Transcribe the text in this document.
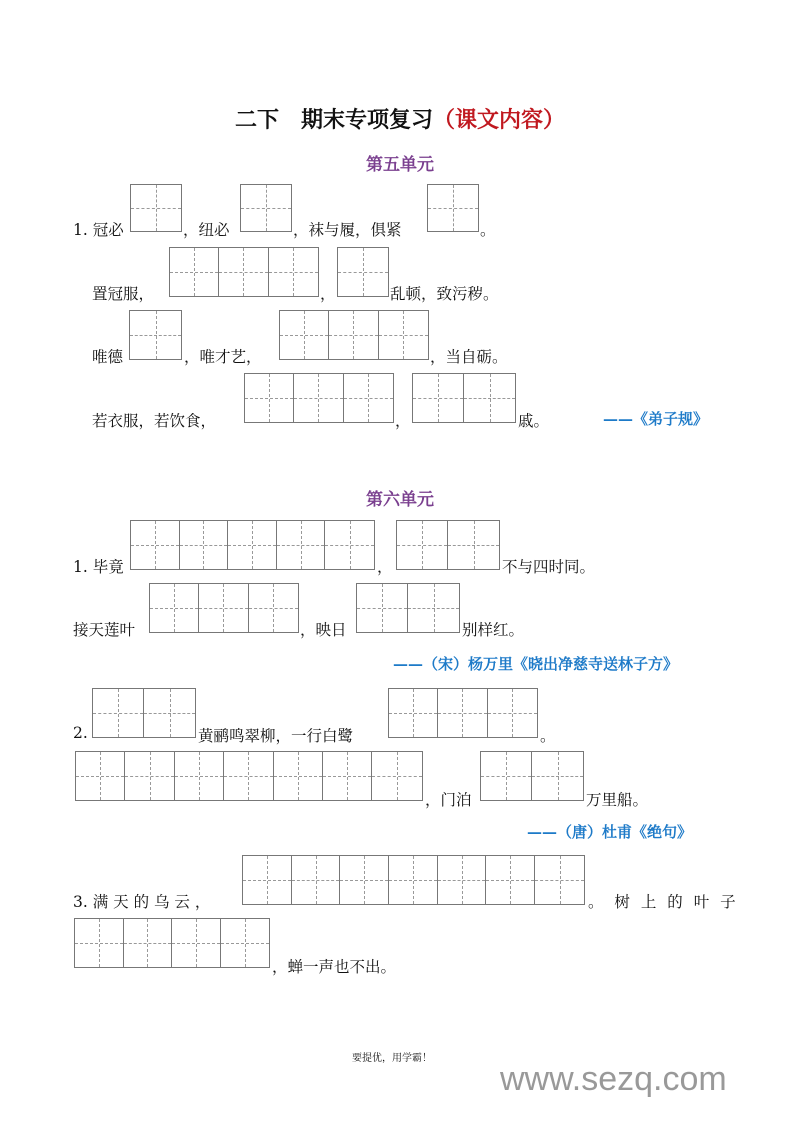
二下　期末专项复习（课文内容）
第五单元
1. 冠必	，纽必	，袜与履，俱紧	。
置冠服，	，	乱顿，致污秽。
唯德	，唯才艺，	，当自砺。
若衣服，若饮食，	，	戚。	——《弟子规》
第六单元
1. 毕竟	，	不与四时同。
接天莲叶	，映日	别样红。
——（宋）杨万里《晓出净慈寺送林子方》
2.	黄鹂鸣翠柳，一行白鹭	。
，门泊	万里船。
——（唐）杜甫《绝句》
3. 满 天 的 乌 云 ，	。 树 上 的 叶 子
，蝉一声也不出。
要提优，用学霸！
www.sezq.com
